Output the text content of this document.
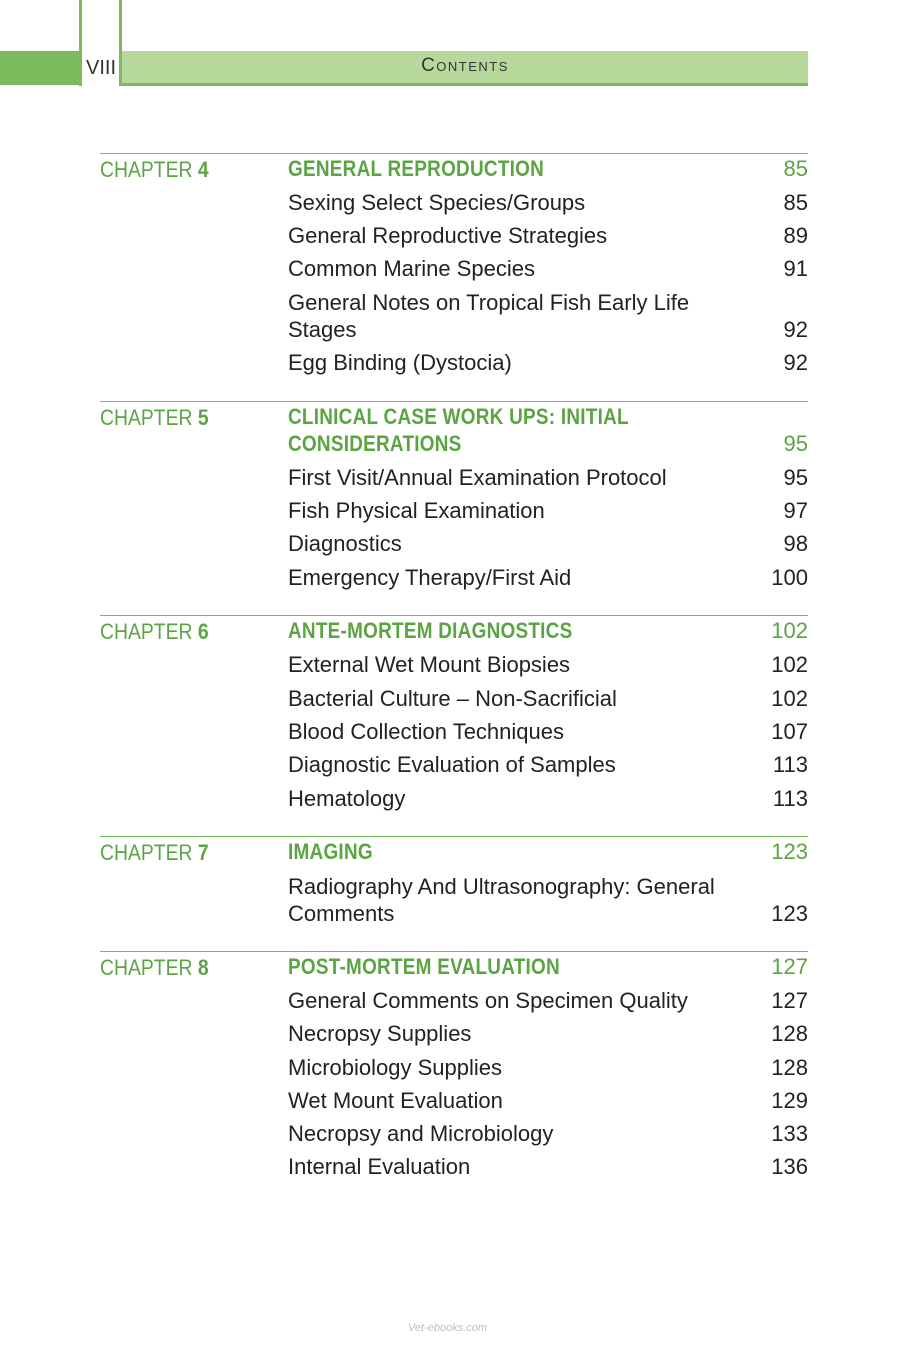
VIII	Contents
CHAPTER 4	GENERAL REPRODUCTION	85
Sexing Select Species/Groups	85
General Reproductive Strategies	89
Common Marine Species	91
General Notes on Tropical Fish Early Life Stages	92
Egg Binding (Dystocia)	92
CHAPTER 5	CLINICAL CASE WORK UPS: INITIAL CONSIDERATIONS	95
First Visit/Annual Examination Protocol	95
Fish Physical Examination	97
Diagnostics	98
Emergency Therapy/First Aid	100
CHAPTER 6	ANTE-MORTEM DIAGNOSTICS	102
External Wet Mount Biopsies	102
Bacterial Culture – Non-Sacrificial	102
Blood Collection Techniques	107
Diagnostic Evaluation of Samples	113
Hematology	113
CHAPTER 7	IMAGING	123
Radiography And Ultrasonography: General Comments	123
CHAPTER 8	POST-MORTEM EVALUATION	127
General Comments on Specimen Quality	127
Necropsy Supplies	128
Microbiology Supplies	128
Wet Mount Evaluation	129
Necropsy and Microbiology	133
Internal Evaluation	136
Vet-ebooks.com
